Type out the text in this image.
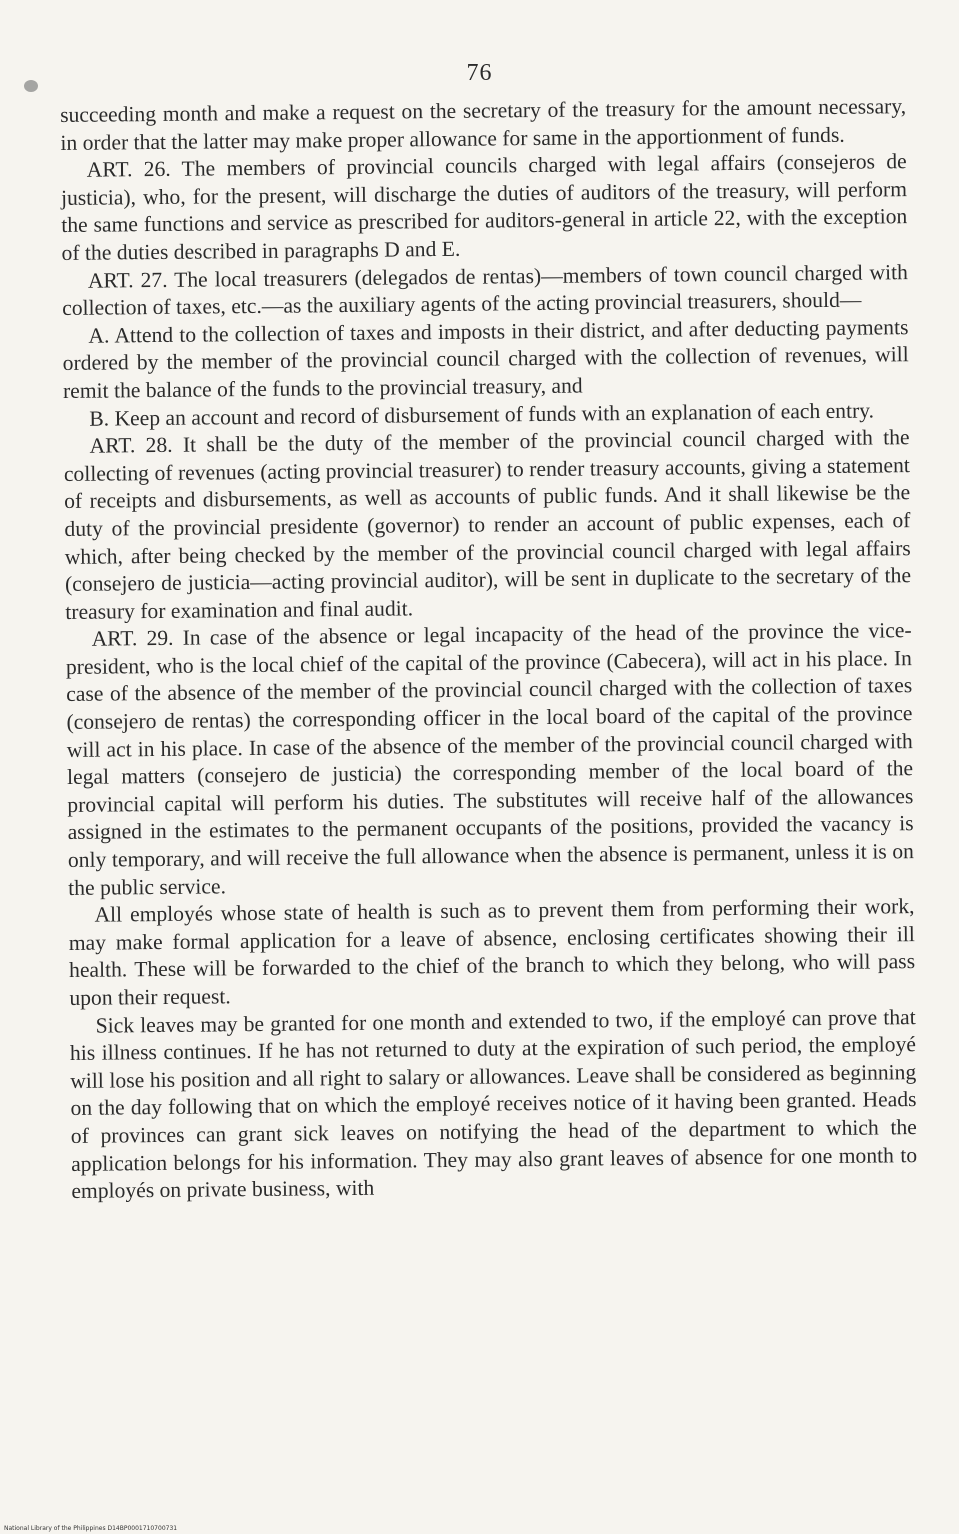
76

succeeding month and make a request on the secretary of the treasury for the amount necessary, in order that the latter may make proper allowance for same in the apportionment of funds.

ART. 26. The members of provincial councils charged with legal affairs (consejeros de justicia), who, for the present, will discharge the duties of auditors of the treasury, will perform the same functions and service as prescribed for auditors-general in article 22, with the exception of the duties described in paragraphs D and E.

ART. 27. The local treasurers (delegados de rentas)—members of town council charged with collection of taxes, etc.—as the auxiliary agents of the acting provincial treasurers, should—

A. Attend to the collection of taxes and imposts in their district, and after deducting payments ordered by the member of the provincial council charged with the collection of revenues, will remit the balance of the funds to the provincial treasury, and

B. Keep an account and record of disbursement of funds with an explanation of each entry.

ART. 28. It shall be the duty of the member of the provincial council charged with the collecting of revenues (acting provincial treasurer) to render treasury accounts, giving a statement of receipts and disbursements, as well as accounts of public funds. And it shall likewise be the duty of the provincial presidente (governor) to render an account of public expenses, each of which, after being checked by the member of the provincial council charged with legal affairs (consejero de justicia—acting provincial auditor), will be sent in duplicate to the secretary of the treasury for examination and final audit.

ART. 29. In case of the absence or legal incapacity of the head of the province the vice-president, who is the local chief of the capital of the province (Cabecera), will act in his place. In case of the absence of the member of the provincial council charged with the collection of taxes (consejero de rentas) the corresponding officer in the local board of the capital of the province will act in his place. In case of the absence of the member of the provincial council charged with legal matters (consejero de justicia) the corresponding member of the local board of the provincial capital will perform his duties. The substitutes will receive half of the allowances assigned in the estimates to the permanent occupants of the positions, provided the vacancy is only temporary, and will receive the full allowance when the absence is permanent, unless it is on the public service.

All employés whose state of health is such as to prevent them from performing their work, may make formal application for a leave of absence, enclosing certificates showing their ill health. These will be forwarded to the chief of the branch to which they belong, who will pass upon their request.

Sick leaves may be granted for one month and extended to two, if the employé can prove that his illness continues. If he has not returned to duty at the expiration of such period, the employé will lose his position and all right to salary or allowances. Leave shall be considered as beginning on the day following that on which the employé receives notice of it having been granted. Heads of provinces can grant sick leaves on notifying the head of the department to which the application belongs for his information. They may also grant leaves of absence for one month to employés on private business, with

National Library of the Philippines D14BP0001710700731
